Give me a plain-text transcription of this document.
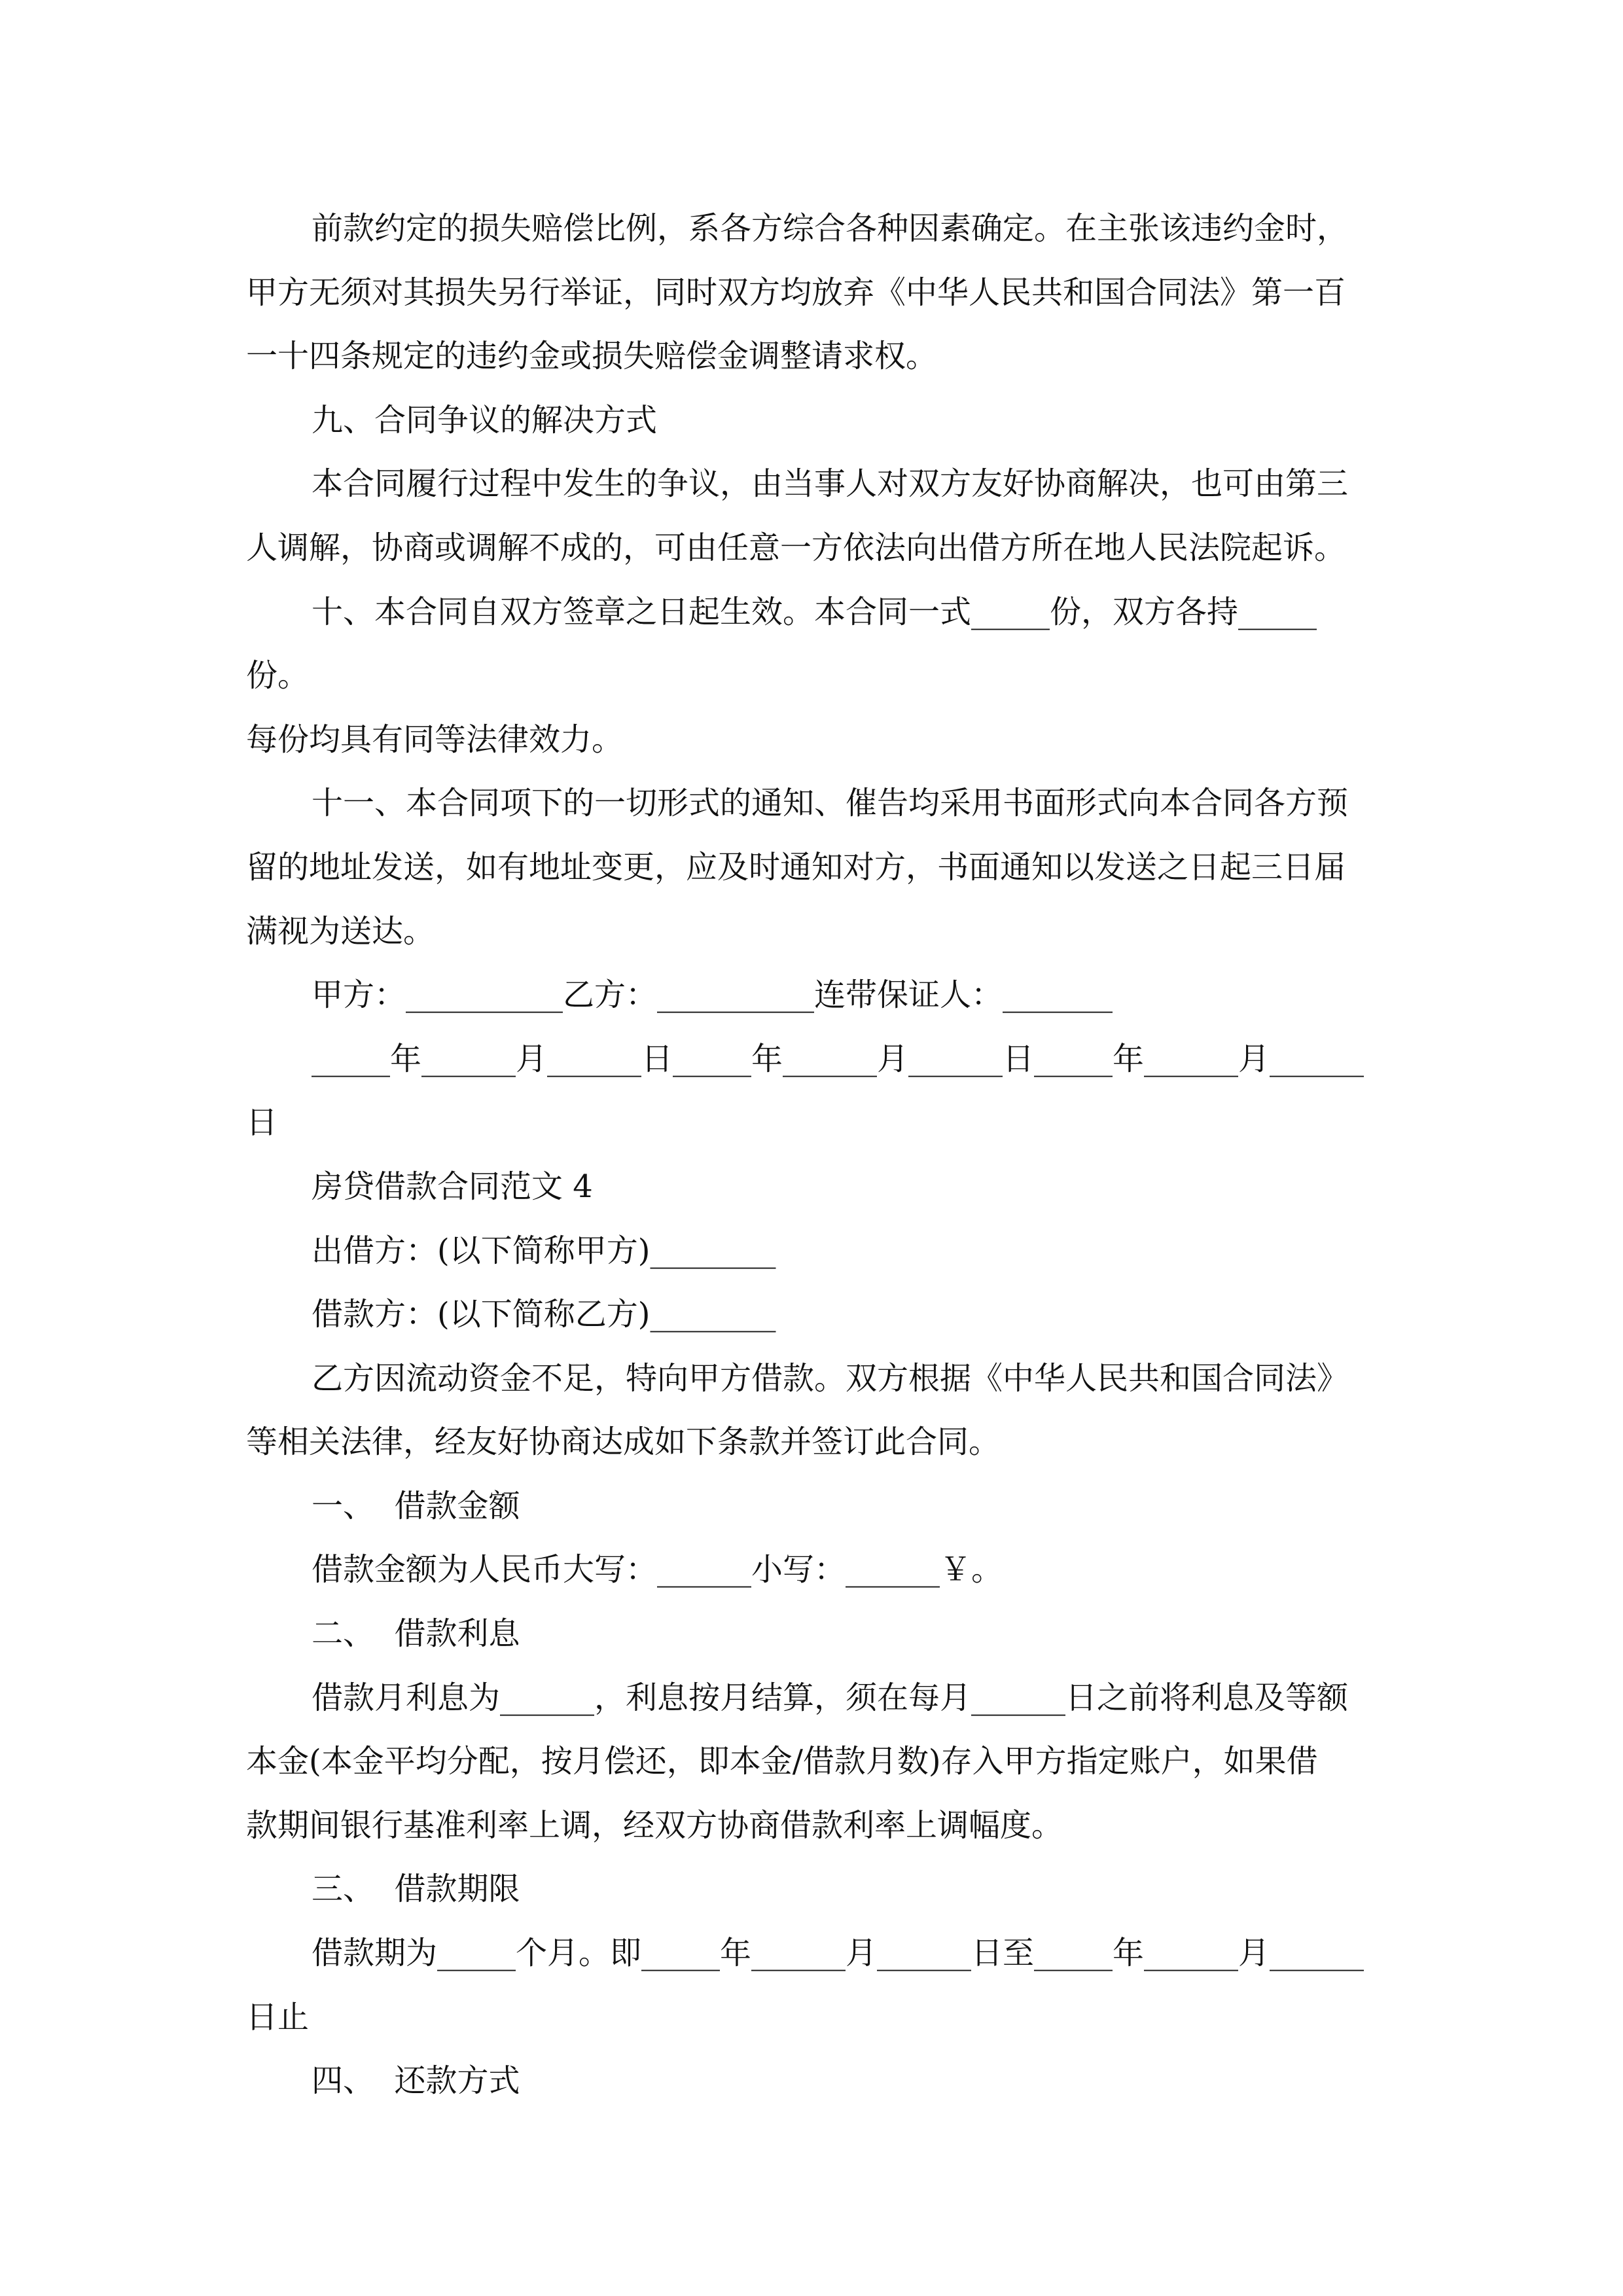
前款约定的损失赔偿比例，系各方综合各种因素确定。在主张该违约金时，

甲方无须对其损失另行举证，同时双方均放弃《中华人民共和国合同法》第一百

一十四条规定的违约金或损失赔偿金调整请求权。

九、合同争议的解决方式

本合同履行过程中发生的争议，由当事人对双方友好协商解决，也可由第三

人调解，协商或调解不成的，可由任意一方依法向出借方所在地人民法院起诉。

十、本合同自双方签章之日起生效。本合同一式_____份，双方各持_____份。

每份均具有同等法律效力。

十一、本合同项下的一切形式的通知、催告均采用书面形式向本合同各方预

留的地址发送，如有地址变更，应及时通知对方，书面通知以发送之日起三日届

满视为送达。

甲方：__________乙方：__________连带保证人：_______

_____年______月______日_____年______月______日_____年______月______

日

房贷借款合同范文 4

出借方：(以下简称甲方)________

借款方：(以下简称乙方)________

乙方因流动资金不足，特向甲方借款。双方根据《中华人民共和国合同法》

等相关法律，经友好协商达成如下条款并签订此合同。

一、  借款金额

借款金额为人民币大写：______小写：______￥。

二、  借款利息

借款月利息为______，利息按月结算，须在每月______日之前将利息及等额

本金(本金平均分配，按月偿还，即本金/借款月数)存入甲方指定账户，如果借

款期间银行基准利率上调，经双方协商借款利率上调幅度。

三、  借款期限

借款期为_____个月。即_____年______月______日至_____年______月______

日止

四、  还款方式
